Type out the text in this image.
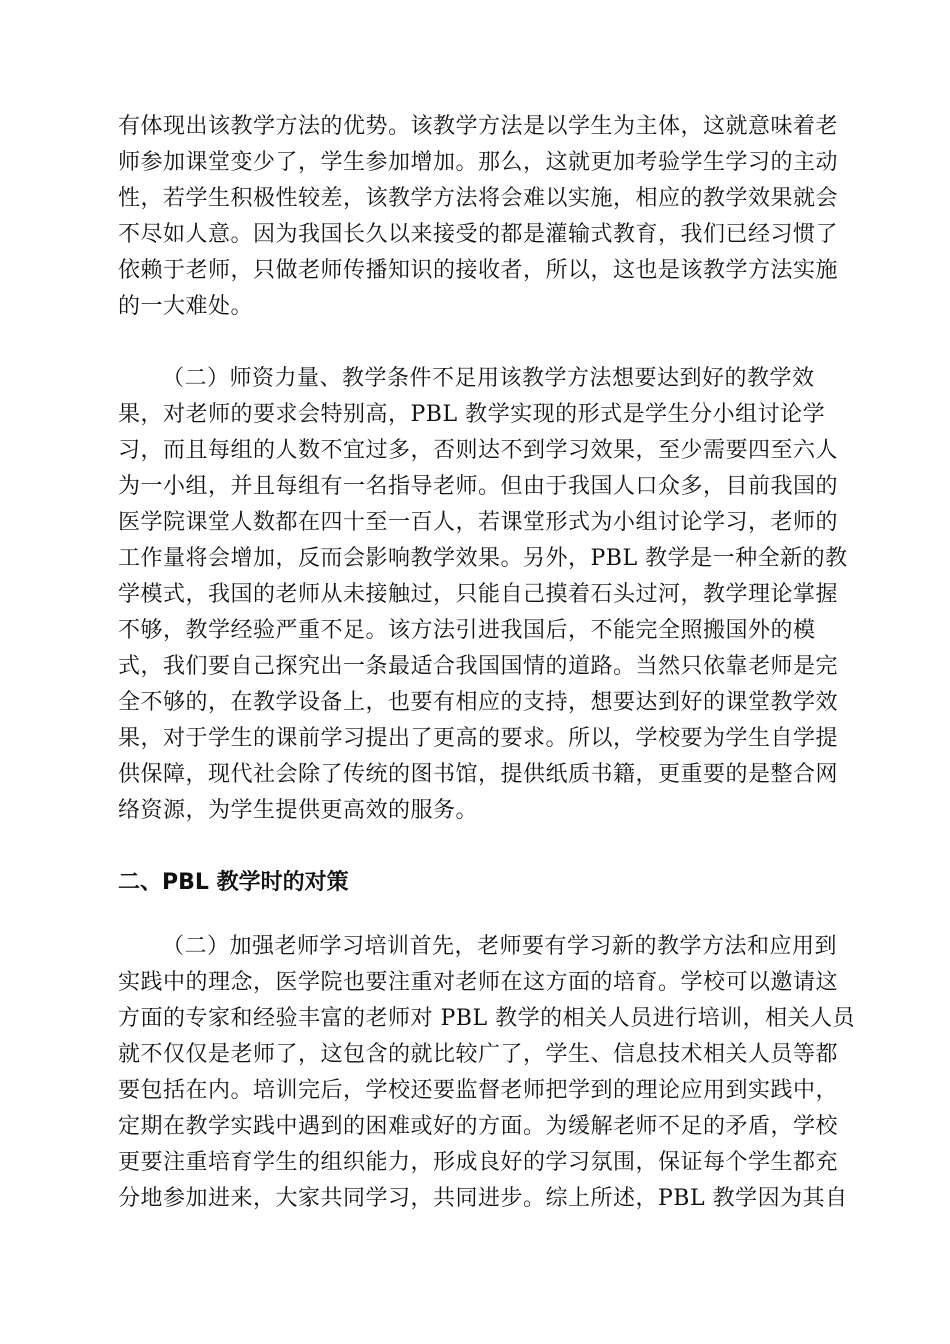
有体现出该教学方法的优势。该教学方法是以学生为主体，这就意味着老
师参加课堂变少了，学生参加增加。那么，这就更加考验学生学习的主动
性，若学生积极性较差，该教学方法将会难以实施，相应的教学效果就会
不尽如人意。因为我国长久以来接受的都是灌输式教育，我们已经习惯了
依赖于老师，只做老师传播知识的接收者，所以，这也是该教学方法实施
的一大难处。
（二）师资力量、教学条件不足用该教学方法想要达到好的教学效
果，对老师的要求会特别高，PBL 教学实现的形式是学生分小组讨论学
习，而且每组的人数不宜过多，否则达不到学习效果，至少需要四至六人
为一小组，并且每组有一名指导老师。但由于我国人口众多，目前我国的
医学院课堂人数都在四十至一百人，若课堂形式为小组讨论学习，老师的
工作量将会增加，反而会影响教学效果。另外，PBL 教学是一种全新的教
学模式，我国的老师从未接触过，只能自己摸着石头过河，教学理论掌握
不够，教学经验严重不足。该方法引进我国后，不能完全照搬国外的模
式，我们要自己探究出一条最适合我国国情的道路。当然只依靠老师是完
全不够的，在教学设备上，也要有相应的支持，想要达到好的课堂教学效
果，对于学生的课前学习提出了更高的要求。所以，学校要为学生自学提
供保障，现代社会除了传统的图书馆，提供纸质书籍，更重要的是整合网
络资源，为学生提供更高效的服务。
二、PBL 教学时的对策
（二）加强老师学习培训首先，老师要有学习新的教学方法和应用到
实践中的理念，医学院也要注重对老师在这方面的培育。学校可以邀请这
方面的专家和经验丰富的老师对 PBL 教学的相关人员进行培训，相关人员
就不仅仅是老师了，这包含的就比较广了，学生、信息技术相关人员等都
要包括在内。培训完后，学校还要监督老师把学到的理论应用到实践中，
定期在教学实践中遇到的困难或好的方面。为缓解老师不足的矛盾，学校
更要注重培育学生的组织能力，形成良好的学习氛围，保证每个学生都充
分地参加进来，大家共同学习，共同进步。综上所述，PBL 教学因为其自
